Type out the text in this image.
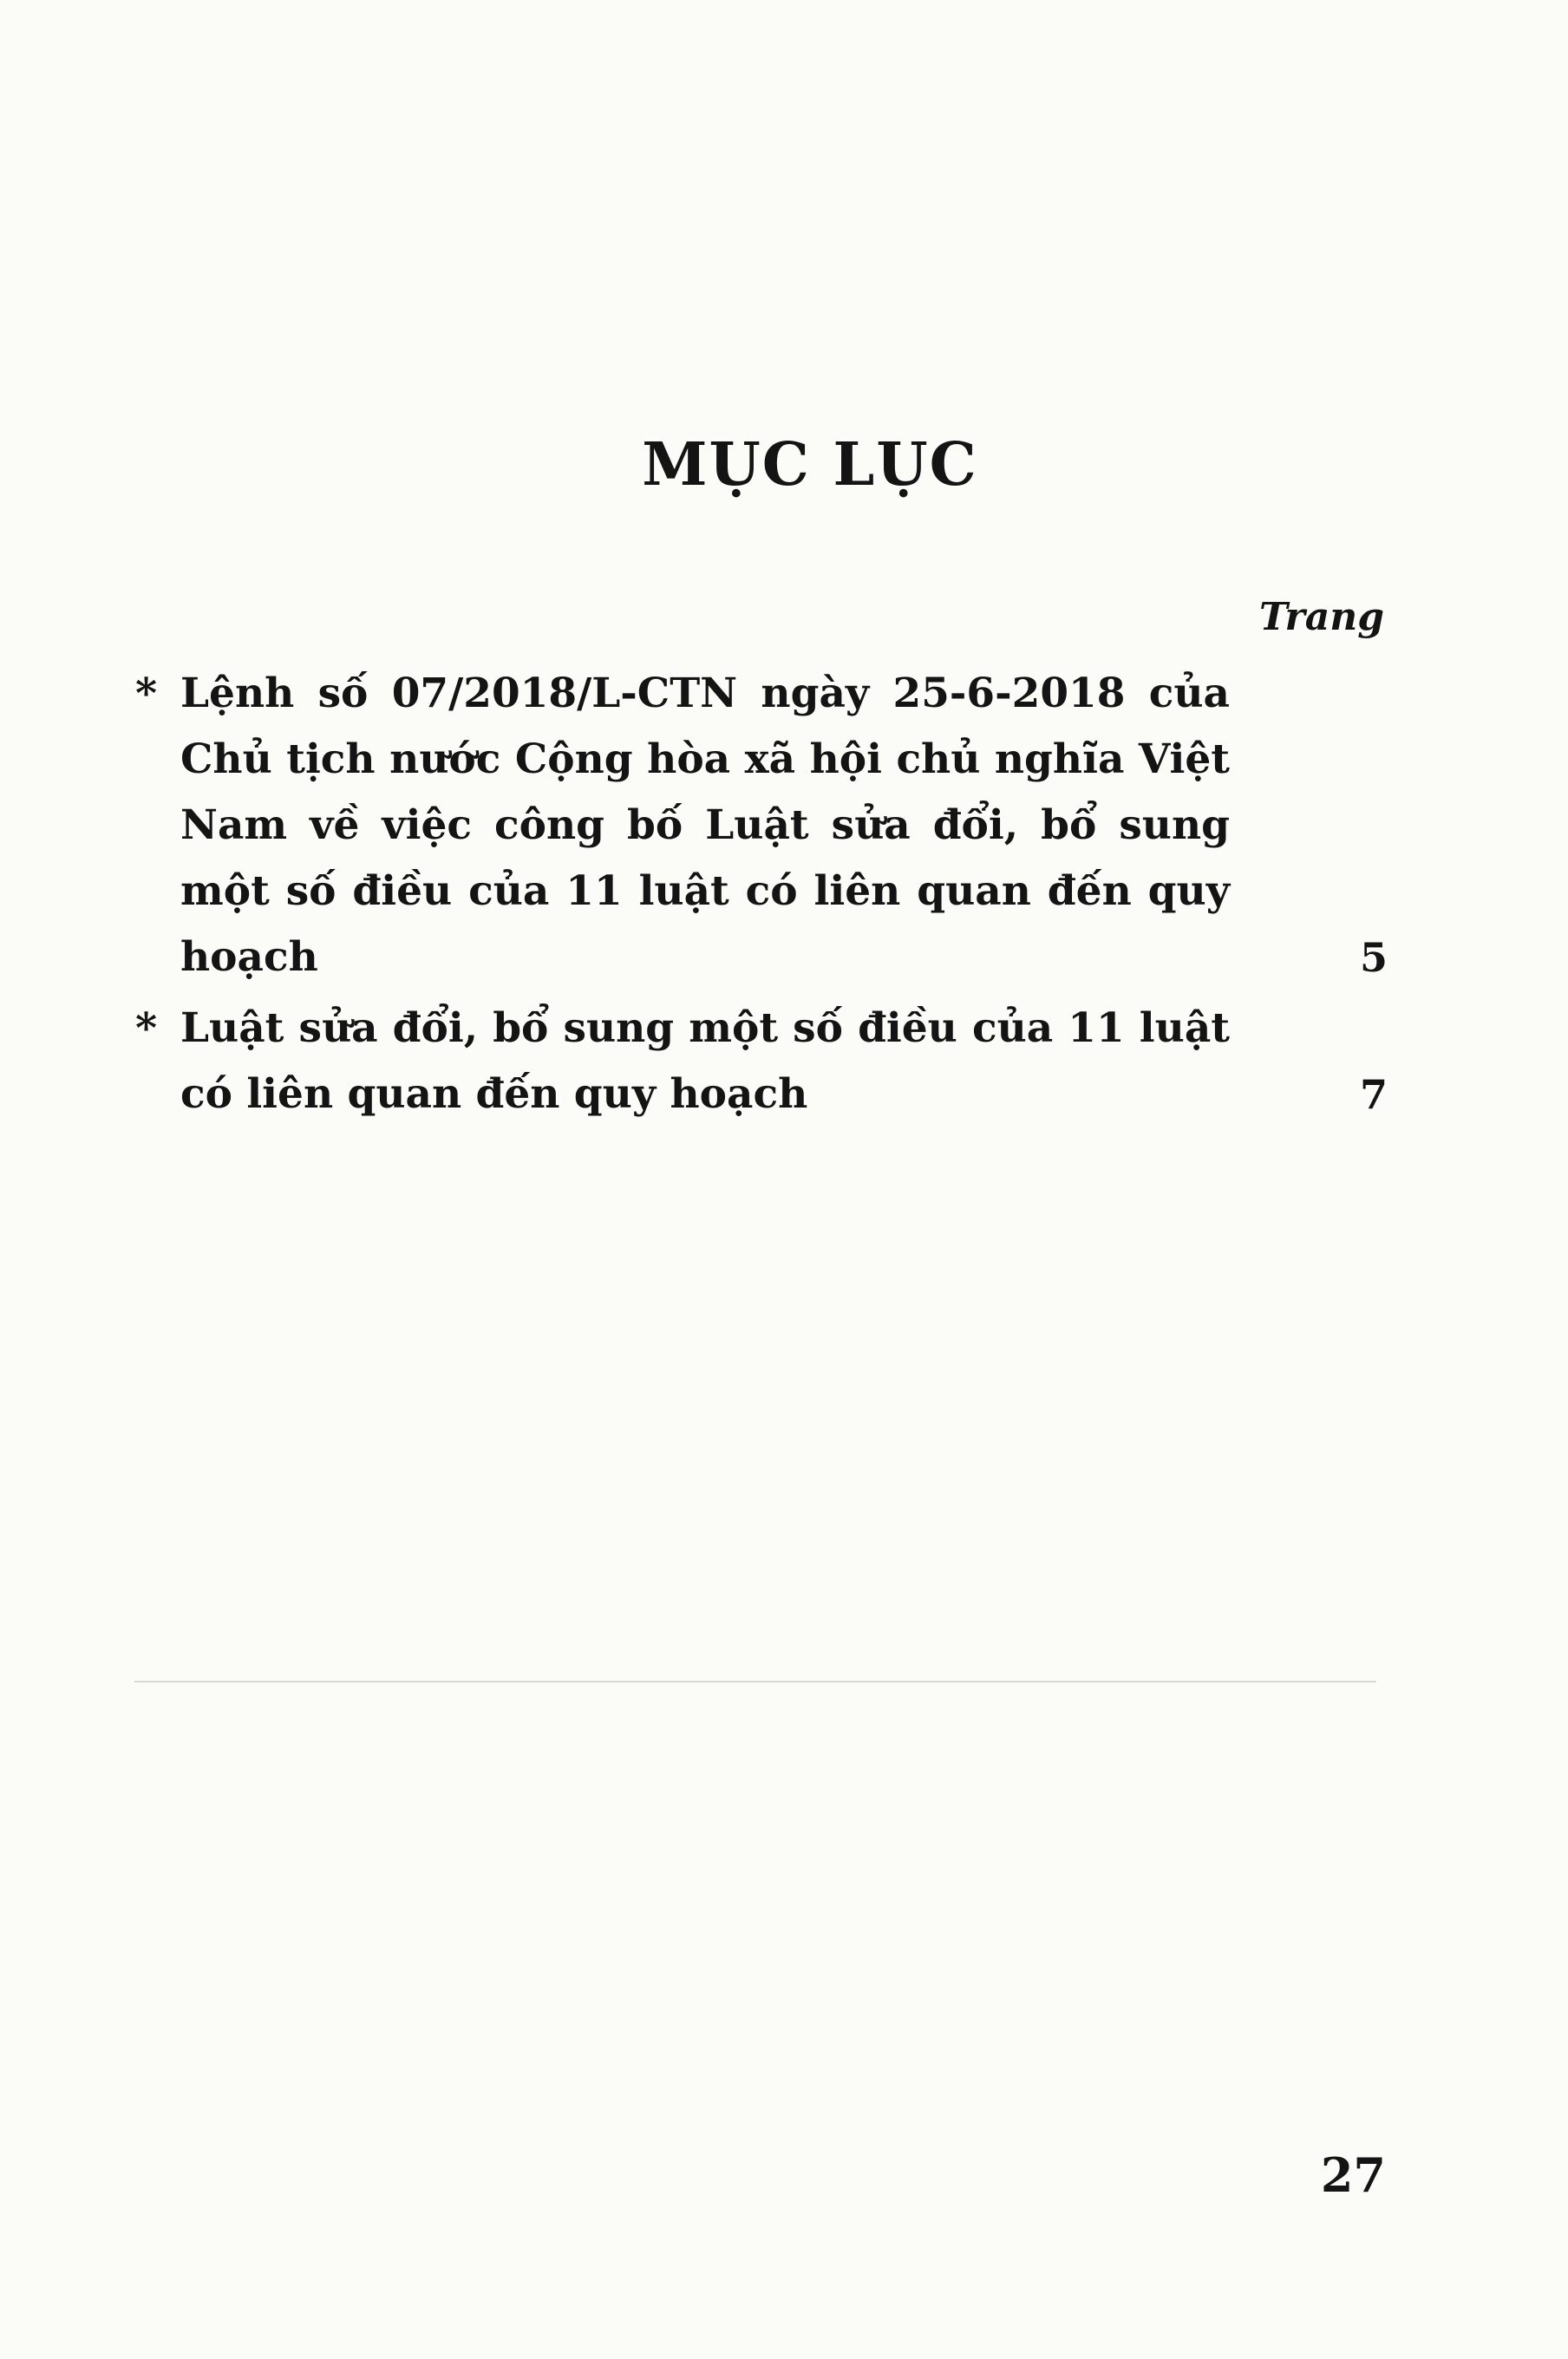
MỤC LỤC
Trang
* Lệnh số 07/2018/L-CTN ngày 25-6-2018 của Chủ tịch nước Cộng hòa xã hội chủ nghĩa Việt Nam về việc công bố Luật sửa đổi, bổ sung một số điều của 11 luật có liên quan đến quy hoạch	5
* Luật sửa đổi, bổ sung một số điều của 11 luật có liên quan đến quy hoạch	7
27
